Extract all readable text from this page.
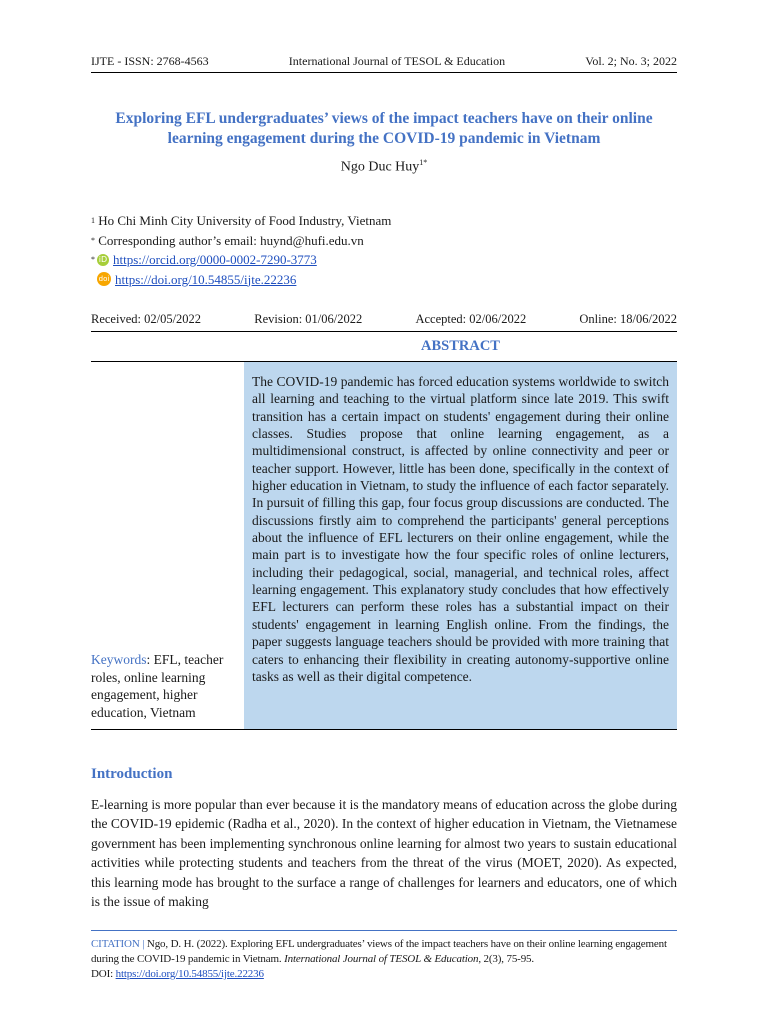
IJTE - ISSN: 2768-4563	International Journal of TESOL & Education	Vol. 2; No. 3; 2022
Exploring EFL undergraduates’ views of the impact teachers have on their online learning engagement during the COVID-19 pandemic in Vietnam
Ngo Duc Huy$^{1*}$
1
Ho Chi Minh City University of Food Industry, Vietnam
*
Corresponding author’s email: huynd@hufi.edu.vn
* iD https://orcid.org/0000-0002-7290-3773
doi https://doi.org/10.54855/ijte.22236
Received: 02/05/2022	Revision: 01/06/2022	Accepted: 02/06/2022	Online: 18/06/2022
ABSTRACT
Keywords: EFL, teacher roles, online learning engagement, higher education, Vietnam
The COVID-19 pandemic has forced education systems worldwide to switch all learning and teaching to the virtual platform since late 2019. This swift transition has a certain impact on students' engagement during their online classes. Studies propose that online learning engagement, as a multidimensional construct, is affected by online connectivity and peer or teacher support. However, little has been done, specifically in the context of higher education in Vietnam, to study the influence of each factor separately. In pursuit of filling this gap, four focus group discussions are conducted. The discussions firstly aim to comprehend the participants' general perceptions about the influence of EFL lecturers on their online engagement, while the main part is to investigate how the four specific roles of online lecturers, including their pedagogical, social, managerial, and technical roles, affect learning engagement. This explanatory study concludes that how effectively EFL lecturers can perform these roles has a substantial impact on their students' engagement in learning English online. From the findings, the paper suggests language teachers should be provided with more training that caters to enhancing their flexibility in creating autonomy-supportive online tasks as well as their digital competence.
Introduction
E-learning is more popular than ever because it is the mandatory means of education across the globe during the COVID-19 epidemic (Radha et al., 2020). In the context of higher education in Vietnam, the Vietnamese government has been implementing synchronous online learning for almost two years to sustain educational activities while protecting students and teachers from the threat of the virus (MOET, 2020). As expected, this learning mode has brought to the surface a range of challenges for learners and educators, one of which is the issue of making
CITATION | Ngo, D. H. (2022). Exploring EFL undergraduates’ views of the impact teachers have on their online learning engagement during the COVID-19 pandemic in Vietnam. International Journal of TESOL & Education, 2(3), 75-95.
DOI: https://doi.org/10.54855/ijte.22236
